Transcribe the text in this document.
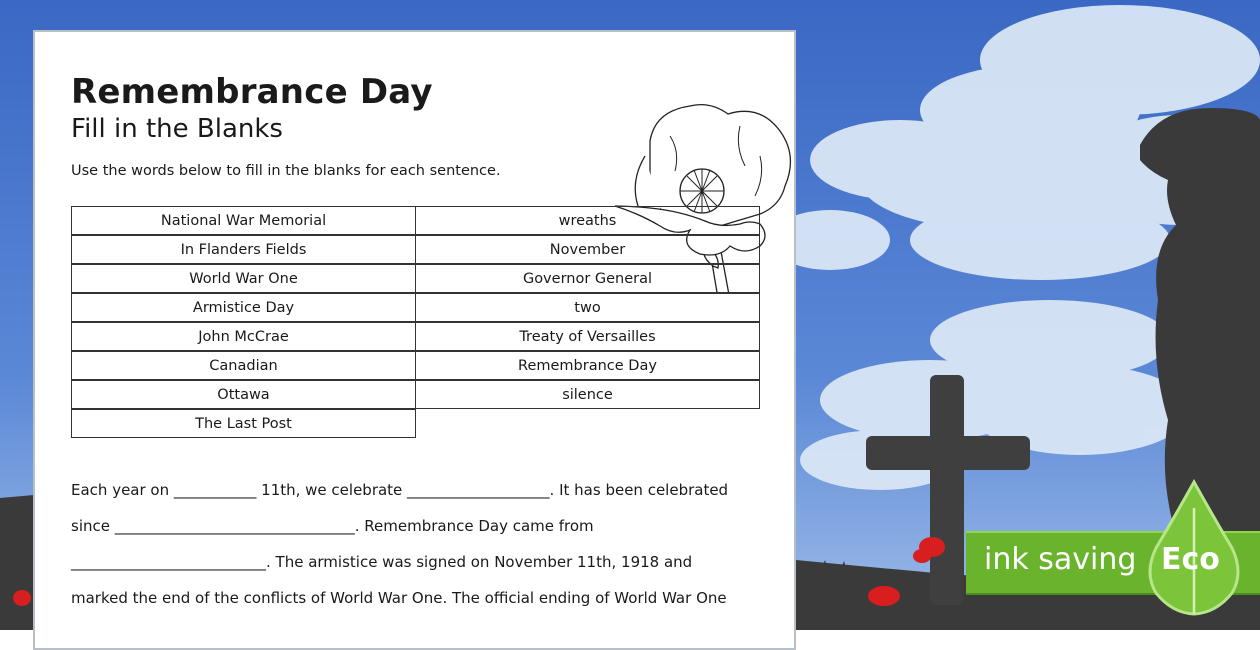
Remembrance Day
Fill in the Blanks

Use the words below to fill in the blanks for each sentence.

National War Memorial
In Flanders Fields
World War One
Armistice Day
John McCrae
Canadian
Ottawa
The Last Post
wreaths
November
Governor General
two
Treaty of Versailles
Remembrance Day
silence

Each year on ___________ 11th, we celebrate ___________________. It has been celebrated

since ________________________________. Remembrance Day came from

__________________________. The armistice was signed on November 11th, 1918 and

marked the end of the conflicts of World War One. The official ending of World War One

ink saving Eco
